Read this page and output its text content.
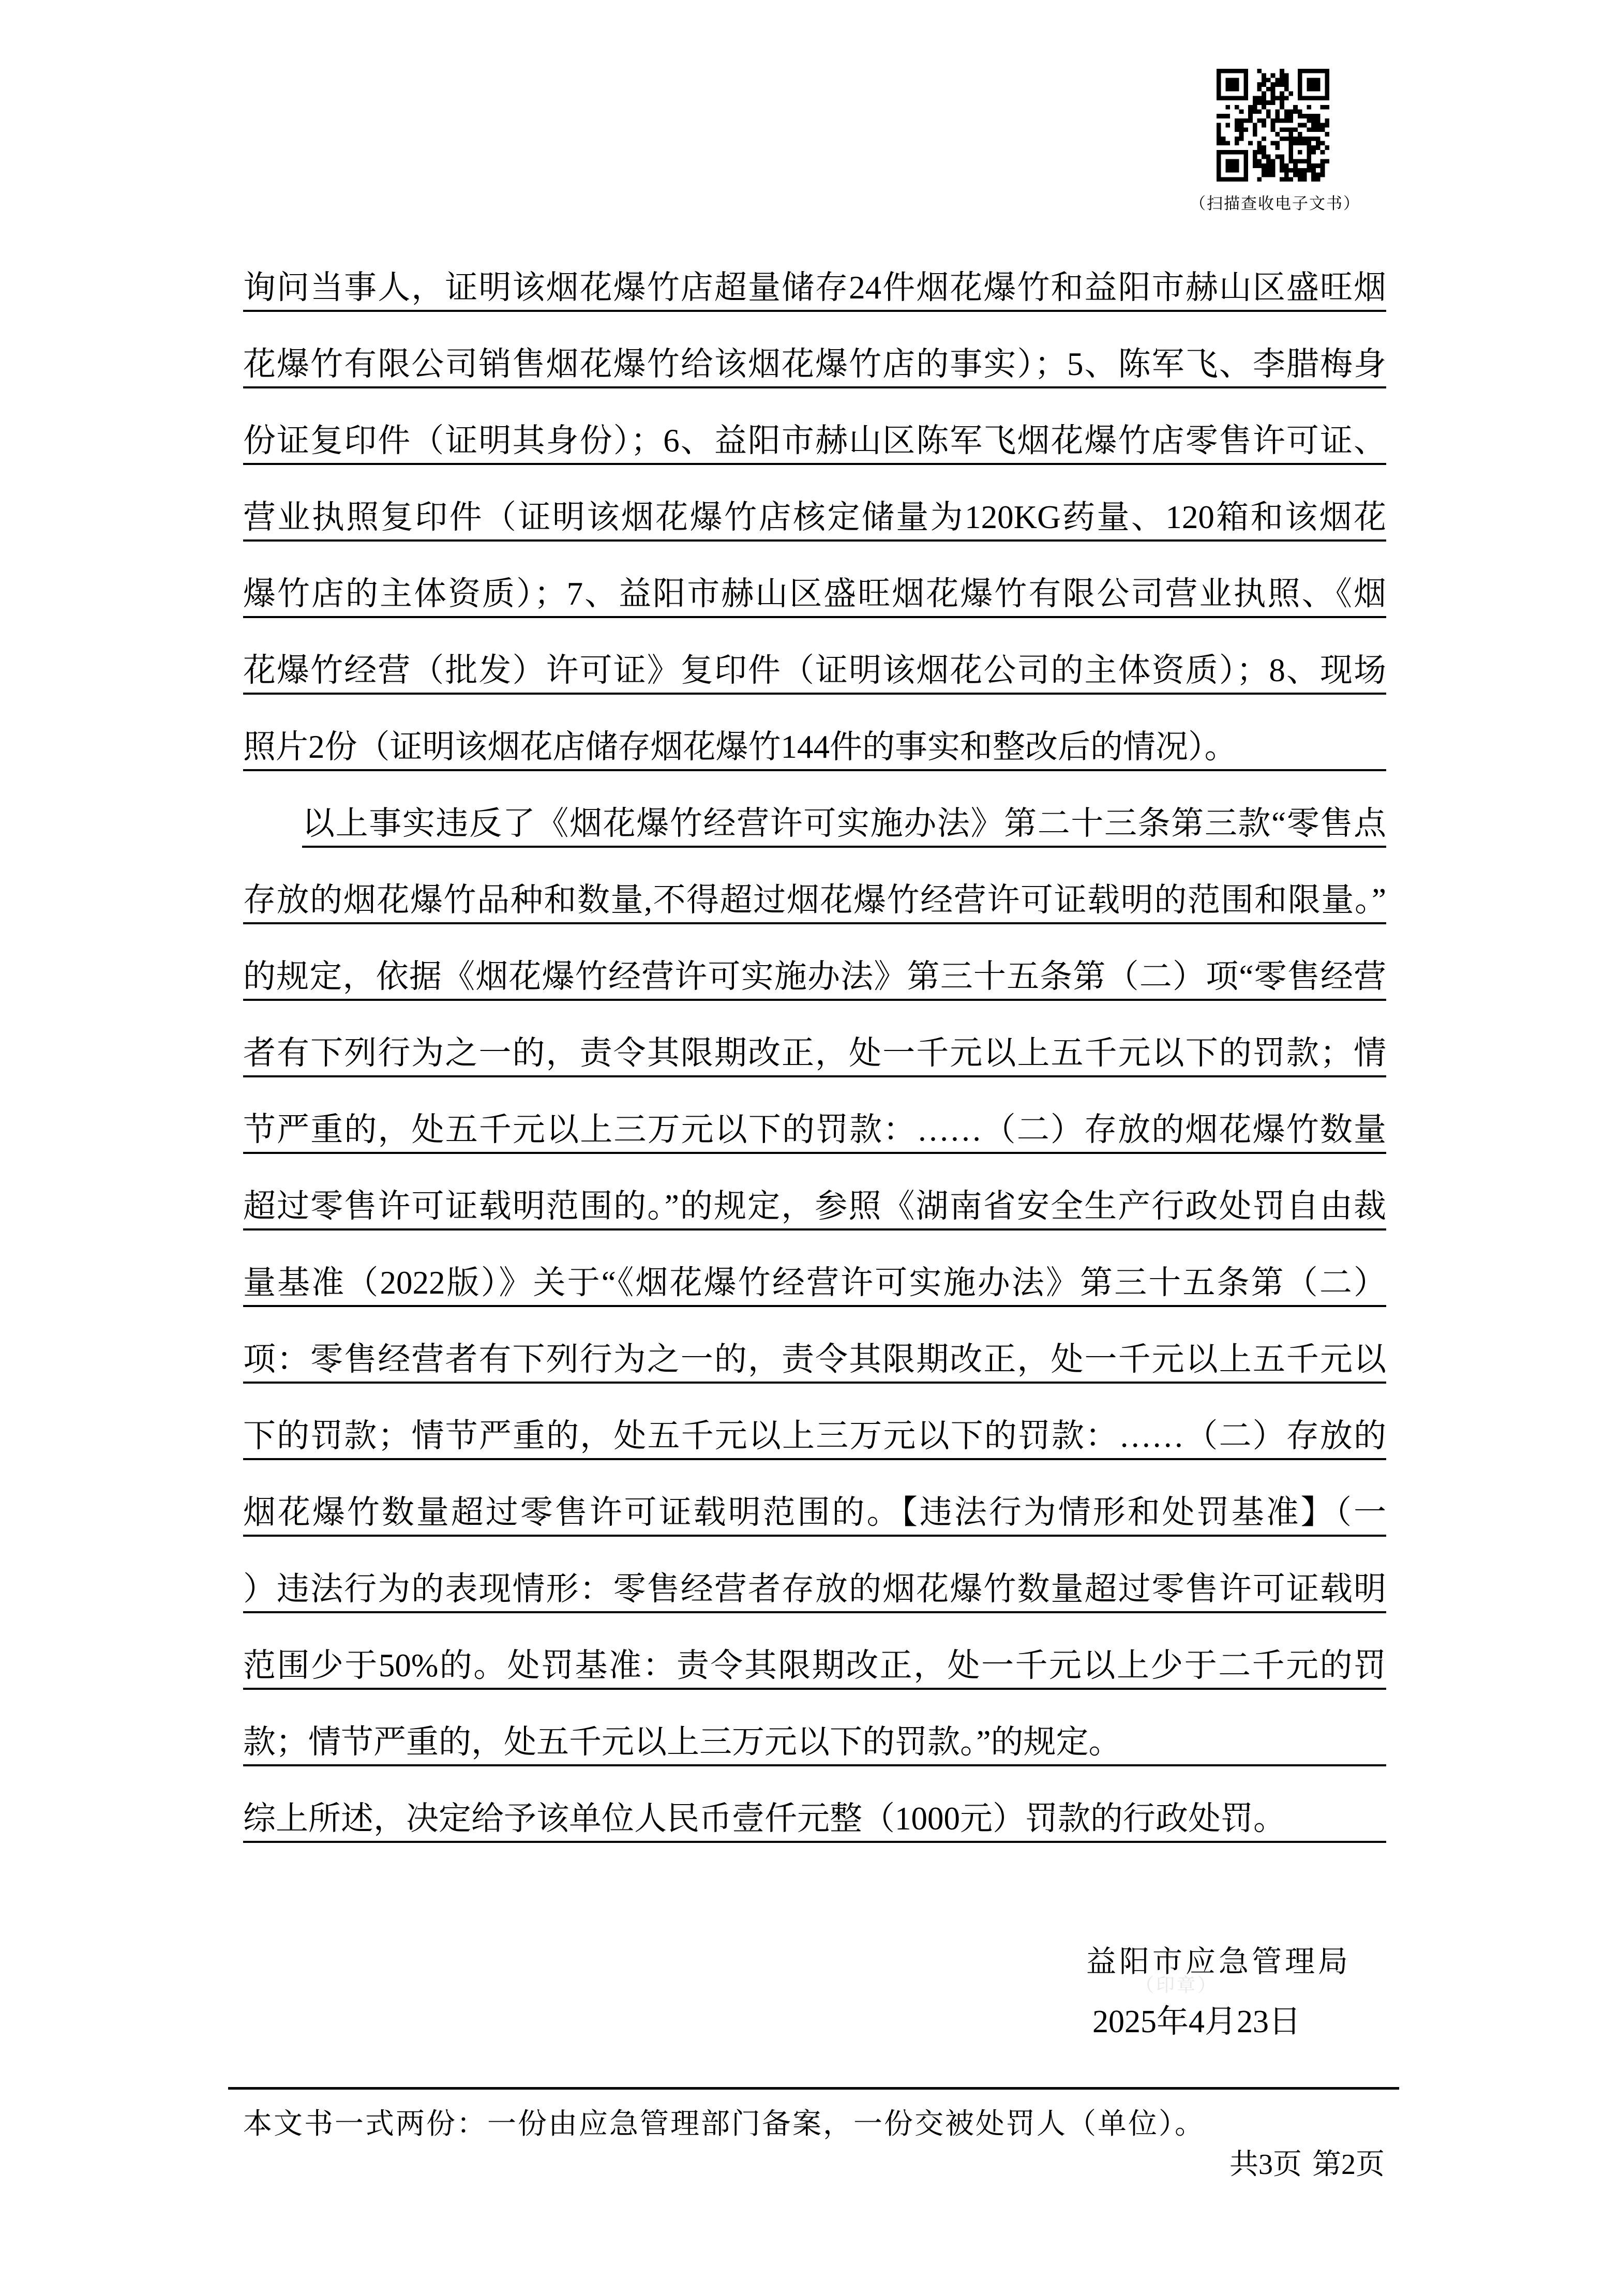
（扫描查收电子文书）
询问当事人，证明该烟花爆竹店超量储存24件烟花爆竹和益阳市赫山区盛旺烟
花爆竹有限公司销售烟花爆竹给该烟花爆竹店的事实）；5、陈军飞、李腊梅身
份证复印件（证明其身份）；6、益阳市赫山区陈军飞烟花爆竹店零售许可证、
营业执照复印件（证明该烟花爆竹店核定储量为120KG药量、120箱和该烟花
爆竹店的主体资质）；7、益阳市赫山区盛旺烟花爆竹有限公司营业执照、《烟
花爆竹经营（批发）许可证》复印件（证明该烟花公司的主体资质）；8、现场
照片2份（证明该烟花店储存烟花爆竹144件的事实和整改后的情况）。
以上事实违反了《烟花爆竹经营许可实施办法》第二十三条第三款“零售点
存放的烟花爆竹品种和数量,不得超过烟花爆竹经营许可证载明的范围和限量。”
的规定，依据《烟花爆竹经营许可实施办法》第三十五条第（二）项“零售经营
者有下列行为之一的，责令其限期改正，处一千元以上五千元以下的罚款；情
节严重的，处五千元以上三万元以下的罚款：……（二）存放的烟花爆竹数量
超过零售许可证载明范围的。”的规定，参照《湖南省安全生产行政处罚自由裁
量基准（2022版）》关于“《烟花爆竹经营许可实施办法》第三十五条第（二）
项：零售经营者有下列行为之一的，责令其限期改正，处一千元以上五千元以
下的罚款；情节严重的，处五千元以上三万元以下的罚款：……（二）存放的
烟花爆竹数量超过零售许可证载明范围的。【违法行为情形和处罚基准】（一
）违法行为的表现情形：零售经营者存放的烟花爆竹数量超过零售许可证载明
范围少于50%的。处罚基准：责令其限期改正，处一千元以上少于二千元的罚
款；情节严重的，处五千元以上三万元以下的罚款。”的规定。
综上所述，决定给予该单位人民币壹仟元整（1000元）罚款的行政处罚。
益阳市应急管理局
（印章）
2025年4月23日
本文书一式两份：一份由应急管理部门备案，一份交被处罚人（单位）。
共3页 第2页
